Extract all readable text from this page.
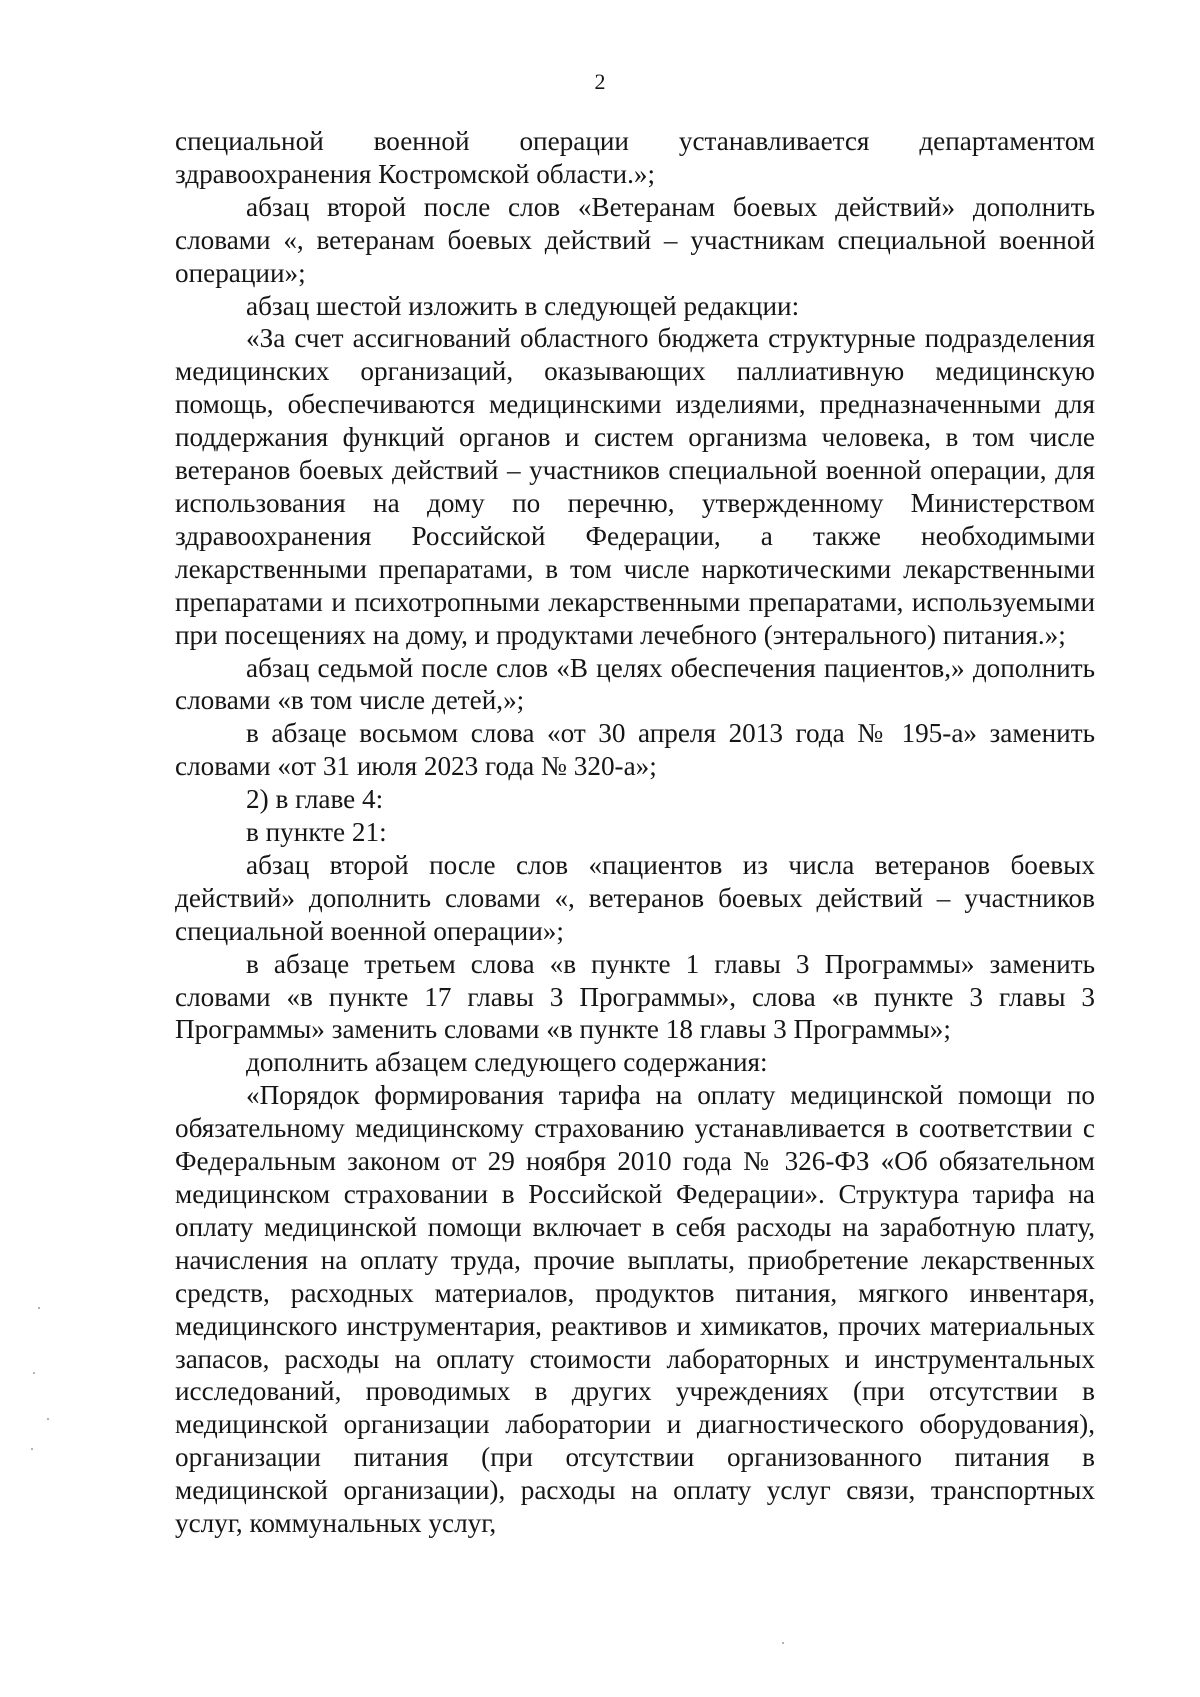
2

специальной военной операции устанавливается департаментом здравоохранения Костромской области.»;

абзац второй после слов «Ветеранам боевых действий» дополнить словами «, ветеранам боевых действий – участникам специальной военной операции»;

абзац шестой изложить в следующей редакции:

«За счет ассигнований областного бюджета структурные подразделения медицинских организаций, оказывающих паллиативную медицинскую помощь, обеспечиваются медицинскими изделиями, предназначенными для поддержания функций органов и систем организма человека, в том числе ветеранов боевых действий – участников специальной военной операции, для использования на дому по перечню, утвержденному Министерством здравоохранения Российской Федерации, а также необходимыми лекарственными препаратами, в том числе наркотическими лекарственными препаратами и психотропными лекарственными препаратами, используемыми при посещениях на дому, и продуктами лечебного (энтерального) питания.»;

абзац седьмой после слов «В целях обеспечения пациентов,» дополнить словами «в том числе детей,»;

в абзаце восьмом слова «от 30 апреля 2013 года № 195-а» заменить словами «от 31 июля 2023 года № 320-а»;

2) в главе 4:

в пункте 21:

абзац второй после слов «пациентов из числа ветеранов боевых действий» дополнить словами «, ветеранов боевых действий – участников специальной военной операции»;

в абзаце третьем слова «в пункте 1 главы 3 Программы» заменить словами «в пункте 17 главы 3 Программы», слова «в пункте 3 главы 3 Программы» заменить словами «в пункте 18 главы 3 Программы»;

дополнить абзацем следующего содержания:

«Порядок формирования тарифа на оплату медицинской помощи по обязательному медицинскому страхованию устанавливается в соответствии с Федеральным законом от 29 ноября 2010 года № 326-ФЗ «Об обязательном медицинском страховании в Российской Федерации». Структура тарифа на оплату медицинской помощи включает в себя расходы на заработную плату, начисления на оплату труда, прочие выплаты, приобретение лекарственных средств, расходных материалов, продуктов питания, мягкого инвентаря, медицинского инструментария, реактивов и химикатов, прочих материальных запасов, расходы на оплату стоимости лабораторных и инструментальных исследований, проводимых в других учреждениях (при отсутствии в медицинской организации лаборатории и диагностического оборудования), организации питания (при отсутствии организованного питания в медицинской организации), расходы на оплату услуг связи, транспортных услуг, коммунальных услуг,
